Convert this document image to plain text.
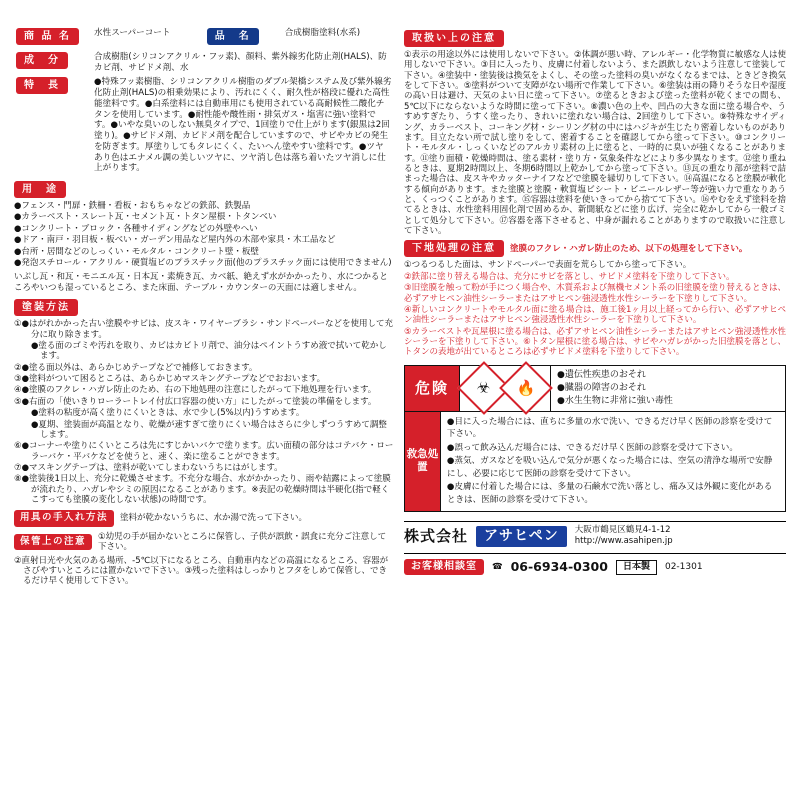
商 品 名	水性スーパーコート	品　名	合成樹脂塗料(水系)
成　分	合成樹脂(シリコンアクリル・フッ素)、顔料、紫外線劣化防止剤(HALS)、防カビ剤、サビドメ剤、水
特　長	●特殊フッ素樹脂、シリコンアクリル樹脂のダブル架橋システム及び紫外線劣化防止剤(HALS)の相乗効果により、汚れにくく、耐久性が格段に優れた高性能塗料です。●白系塗料には自動車用にも使用されている高耐候性二酸化チタンを使用しています。●耐性能や酸性雨・排気ガス・塩害に強い塗料です。●いやな臭いのしない無臭タイプで、1回塗りで仕上がります(銀黒は2回塗り)。●サビドメ剤、カビドメ剤を配合していますので、サビやカビの発生を防ぎます。厚塗りしてもタレにくく、たいへん塗やすい塗料です。●ツヤあり色はエナメル調の美しいツヤに、ツヤ消し色は落ち着いたツヤ消しに仕上がります。
用　途

●フェンス・門扉・鉄柵・看板・おもちゃなどの鉄部、鉄製品

●カラーベスト・スレート瓦・セメント瓦・トタン屋根・トタンべい

●コンクリート・ブロック・各種サイディングなどの外壁やへい

●ドア・南戸・羽目板・板べい・ガーデン用品など屋内外の木部や家具・木工品など

●台所・居間などのしっくい・モルタル・コンクリート壁・板壁

●発泡スチロール・アクリル・硬質塩ビのプラスチック面(他のプラスチック面には使用できません)

いぶし瓦・和瓦・モニエル瓦・日本瓦・素焼き瓦、カベ紙、絶えず水がかかったり、水につかるところやいつも湿っているところ、また床面、テーブル・カウンターの天面には適しません。

塗装方法

①●はがれかかった古い塗膜やサビは、皮スキ・ワイヤーブラシ・サンドペーパーなどを使用して充分に取り除きます。

●塗る面のゴミや汚れを取り、カビはカビトリ剤で、油分はペイントうすめ液で拭いて乾かします。

②●塗る面以外は、あらかじめテープなどで補修しておきます。

③●塗料がついて困るところは、あらかじめマスキングテープなどでおおいます。

④●塗膜のフクレ・ハガレ防止のため、右の下地処理の注意にしたがって下地処理を行います。

⑤●右面の「使いきりローラートレイ付広口容器の使い方」にしたがって塗装の準備をします。

●塗料の粘度が高く塗りにくいときは、水で少し(5%以内)うすめます。

●夏期、塗装面が高温となり、乾燥が速すぎて塗りにくい場合はさらに少しずつうすめて調整します。

⑥●コーナーや塗りにくいところは先にすじかいバケで塗ります。広い面積の部分はコテバケ・ローラーバケ・平バケなどを使うと、速く、楽に塗ることができます。

⑦●マスキングテープは、塗料が乾いてしまわないうちにはがします。

⑧●塗装後1日以上、充分に乾燥させます。不充分な場合、水がかかったり、雨や結露によって塗膜が流れたり、ハガレやシミの原因になることがあります。※表記の乾燥時間は半硬化(指で軽くこすっても塗膜の変化しない状態)の時間です。

用具の手入れ方法	塗料が乾かないうちに、水か湯で洗って下さい。
保管上の注意	①幼児の手が届かないところに保管し、子供が誤飲・誤食に充分ご注意して下さい。

②直射日光や火気のある場所、-5℃以下になるところ、自動車内などの高温になるところ、容器がさびやすいところには置かないで下さい。③残った塗料はしっかりとフタをしめて保管し、できるだけ早く使用して下さい。

取扱い上の注意

①表示の用途以外には使用しないで下さい。②体調が悪い時、アレルギー・化学物質に敏感な人は使用しないで下さい。③目に入ったり、皮膚に付着しないよう、また誤飲しないよう注意して塗装して下さい。④塗装中・塗装後は換気をよくし、その塗った塗料の臭いがなくなるまでは、ときどき換気をして下さい。⑤塗料がついて支障がない場所で作業して下さい。⑥塗装は雨の降りそうな日や湿度の高い日は避け、天気のよい日に塗って下さい。⑦塗るときおよび塗った塗料が乾くまでの間も、5℃以下にならないような時間に塗って下さい。⑧濃い色の上や、凹凸の大きな面に塗る場合や、うすめすぎたり、うすく塗ったり、きれいに塗れない場合は、2回塗りして下さい。⑨特殊なサイディング、カラーベスト、コーキング材・シーリング材の中にはハジキが生じたり密着しないものがあります。目立たない所で試し塗りをして、密着することを確認してから塗って下さい。⑩コンクリート・モルタル・しっくいなどのアルカリ素材の上に塗ると、一時的に臭いが強くなることがあります。⑪塗り面積・乾燥時間は、塗る素材・塗り方・気象条件などにより多少異なります。⑫塗り重ねるときは、夏期2時間以上、冬期6時間以上乾かしてから塗って下さい。⑬瓦の重なり部が塗料で詰まった場合は、皮スキやカッターナイフなどで塗膜を縁切りして下さい。⑭高温になると塗膜が軟化する傾向があります。また塗膜と塗膜・軟質塩ビシート・ビニールレザー等が強い力で重なりあうと、くっつくことがあります。⑮容器は塗料を使いきってから捨てて下さい。⑯やむをえず塗料を捨てるときは、水性塗料用固化剤で固めるか、新聞紙などに塗り広げ、完全に乾かしてから一般ゴミとして処分して下さい。⑰容器を落下させると、中身が漏れることがありますので取扱いに注意して下さい。

下地処理の注意	塗膜のフクレ・ハガレ防止のため、以下の処理をして下さい。

①つるつるした面は、サンドペーパーで表面を荒らしてから塗って下さい。

②鉄部に塗り替える場合は、充分にサビを落とし、サビドメ塗料を下塗りして下さい。

③旧塗膜を触って粉が手につく場合や、木質系および無機セメント系の旧塗膜を塗り替えるときは、必ずアサヒペン油性シーラーまたはアサヒペン強浸透性水性シーラーを下塗りして下さい。

④新しいコンクリートやモルタル面に塗る場合は、施工後1ヶ月以上経ってから行い、必ずアサヒペン油性シーラーまたはアサヒペン強浸透性水性シーラーを下塗りして下さい。

⑤カラーベストや瓦屋根に塗る場合は、必ずアサヒペン油性シーラーまたはアサヒペン強浸透性水性シーラーを下塗りして下さい。⑥トタン屋根に塗る場合は、サビやハガレがかった旧塗膜を落とし、トタンの表地が出ているところは必ずサビドメ塗料を下塗りして下さい。

危険	☣ 🔥
●遺伝性疾患のおそれ
●臓器の障害のおそれ
●水生生物に非常に強い毒性
救急処置

●目に入った場合には、直ちに多量の水で洗い、できるだけ早く医師の診察を受けて下さい。

●誤って飲み込んだ場合には、できるだけ早く医師の診察を受けて下さい。

●蒸気、ガスなどを吸い込んで気分が悪くなった場合には、空気の清浄な場所で安静にし、必要に応じて医師の診察を受けて下さい。

●皮膚に付着した場合には、多量の石鹸水で洗い落とし、痛み又は外観に変化があるときは、医師の診察を受けて下さい。

株式会社	アサヒペン	大阪市鶴見区鶴見4-1-12
http://www.asahipen.jp
お客様相談室	☎ 06-6934-0300	日本製	02-1301
